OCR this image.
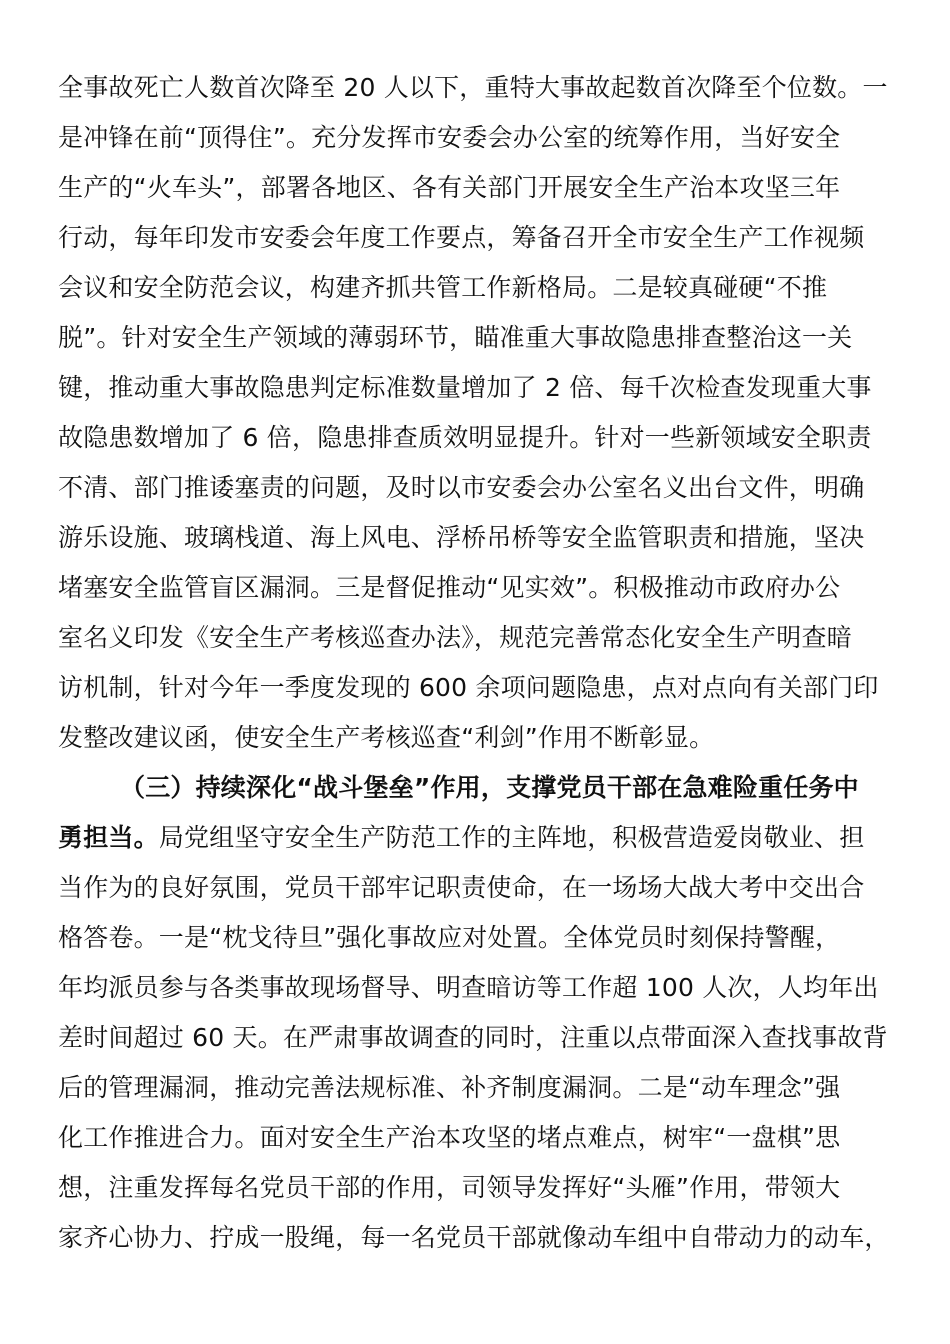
全事故死亡人数首次降至 20 人以下，重特大事故起数首次降至个位数。一
是冲锋在前“顶得住”。充分发挥市安委会办公室的统筹作用，当好安全
生产的“火车头”，部署各地区、各有关部门开展安全生产治本攻坚三年
行动，每年印发市安委会年度工作要点，筹备召开全市安全生产工作视频
会议和安全防范会议，构建齐抓共管工作新格局。二是较真碰硬“不推
脱”。针对安全生产领域的薄弱环节，瞄准重大事故隐患排查整治这一关
键，推动重大事故隐患判定标准数量增加了 2 倍、每千次检查发现重大事
故隐患数增加了 6 倍，隐患排查质效明显提升。针对一些新领域安全职责
不清、部门推诿塞责的问题，及时以市安委会办公室名义出台文件，明确
游乐设施、玻璃栈道、海上风电、浮桥吊桥等安全监管职责和措施，坚决
堵塞安全监管盲区漏洞。三是督促推动“见实效”。积极推动市政府办公
室名义印发《安全生产考核巡查办法》，规范完善常态化安全生产明查暗
访机制，针对今年一季度发现的 600 余项问题隐患，点对点向有关部门印
发整改建议函，使安全生产考核巡查“利剑”作用不断彰显。
（三）持续深化“战斗堡垒”作用，支撑党员干部在急难险重任务中
勇担当。局党组坚守安全生产防范工作的主阵地，积极营造爱岗敬业、担
当作为的良好氛围，党员干部牢记职责使命，在一场场大战大考中交出合
格答卷。一是“枕戈待旦”强化事故应对处置。全体党员时刻保持警醒，
年均派员参与各类事故现场督导、明查暗访等工作超 100 人次，人均年出
差时间超过 60 天。在严肃事故调查的同时，注重以点带面深入查找事故背
后的管理漏洞，推动完善法规标准、补齐制度漏洞。二是“动车理念”强
化工作推进合力。面对安全生产治本攻坚的堵点难点，树牢“一盘棋”思
想，注重发挥每名党员干部的作用，司领导发挥好“头雁”作用，带领大
家齐心协力、拧成一股绳，每一名党员干部就像动车组中自带动力的动车，
